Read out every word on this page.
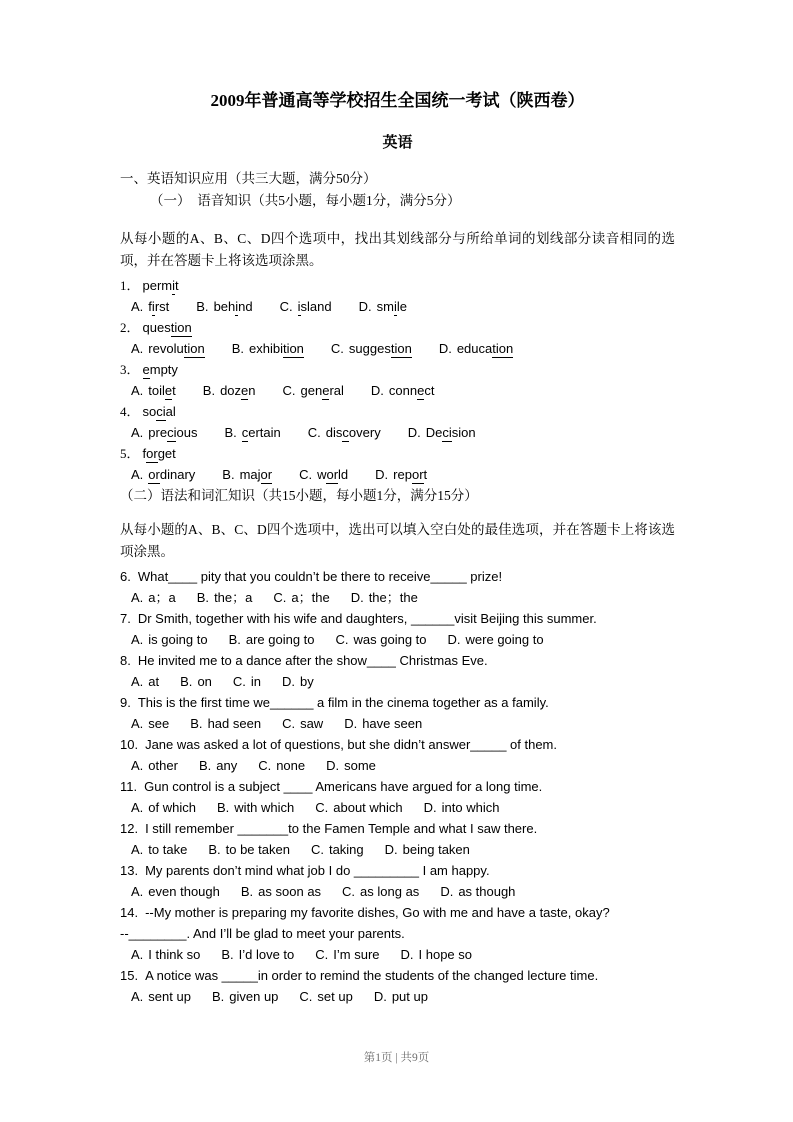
2009年普通高等学校招生全国统一考试（陕西卷）
英语
一、英语知识应用（共三大题，满分50分）
（一）　语音知识（共5小题，每小题1分，满分5分）
从每小题的A、B、C、D四个选项中，找出其划线部分与所给单词的划线部分读音相同的选项，并在答题卡上将该选项涂黑。
1． permit
A. first B. behind C. island D. smile
2． question
A. revolution B. exhibition C. suggestion D. education
3． empty
A. toilet B. dozen C. general D. connect
4． social
A. precious B. certain C. discovery D. Decision
5． forget
A. ordinary B. major C. world D. report
（二）语法和词汇知识（共15小题，每小题1分，满分15分）
从每小题的A、B、C、D四个选项中，选出可以填入空白处的最佳选项，并在答题卡上将该选项涂黑。
6. What____ pity that you couldn’t be there to receive_____ prize!
A. a；a B. the；a C. a；the D. the；the
7. Dr Smith, together with his wife and daughters, ______visit Beijing this summer.
A. is going to B. are going to C. was going to D. were going to
8. He invited me to a dance after the show____ Christmas Eve.
A. at B. on C. in D. by
9. This is the first time we______ a film in the cinema together as a family.
A. see B. had seen C. saw D. have seen
10. Jane was asked a lot of questions, but she didn’t answer_____ of them.
A. other B. any C. none D. some
11. Gun control is a subject ____ Americans have argued for a long time.
A. of which B. with which C. about which D. into which
12. I still remember _______to the Famen Temple and what I saw there.
A. to take B. to be taken C. taking D. being taken
13. My parents don’t mind what job I do _________ I am happy.
A. even though B. as soon as C. as long as D. as though
14. --My mother is preparing my favorite dishes, Go with me and have a taste, okay?
--________. And I’ll be glad to meet your parents.
A. I think so B. I’d love to C. I’m sure D. I hope so
15. A notice was _____in order to remind the students of the changed lecture time.
A. sent up B. given up C. set up D. put up
第1页 | 共9页
